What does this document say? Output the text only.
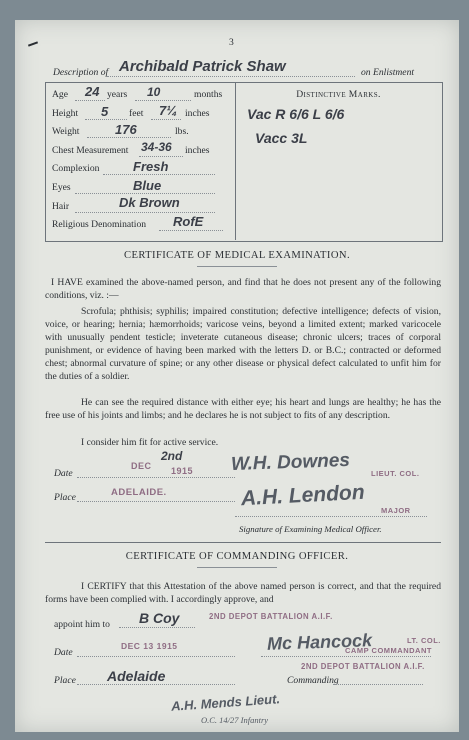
3
Description of Archibald Patrick Shaw	on Enlistment
Age 24 years 10	months
Height 5 feet 7¼ inches
Weight	176	lbs.
Chest Measurement 34-36 inches
Complexion	Fresh
Eyes	Blue
Hair	Dk Brown
Religious Denomination RofE
Distinctive Marks.
Vac R 6/6 L 6/6
Vacc 3L
CERTIFICATE OF MEDICAL EXAMINATION.
I HAVE examined the above-named person, and find that he does not present any of the following conditions, viz. :—
Scrofula; phthisis; syphilis; impaired constitution; defective intelligence; defects of vision, voice, or hearing; hernia; hæmorrhoids; varicose veins, beyond a limited extent; marked varicocele with unusually pendent testicle; inveterate cutaneous disease; chronic ulcers; traces of corporal punishment, or evidence of having been marked with the letters D. or B.C.; contracted or deformed chest; abnormal curvature of spine; or any other disease or physical defect calculated to unfit him for the duties of a soldier.
He can see the required distance with either eye; his heart and lungs are healthy; he has the free use of his joints and limbs; and he declares he is not subject to fits of any description.
I consider him fit for active service.
Date
DEC
2nd
1915
Place	ADELAIDE.
W.H. Downes	LIEUT. COL.
A.H. Lendon
MAJOR
Signature of Examining Medical Officer.
CERTIFICATE OF COMMANDING OFFICER.
I CERTIFY that this Attestation of the above named person is correct, and that the required forms have been complied with. I accordingly approve, and
appoint him to B Coy	2ND DEPOT BATTALION A.I.F.
Date
DEC 13 1915	Mc Hancock	LT. COL.
CAMP COMMANDANT
Place Adelaide
2ND DEPOT BATTALION A.I.F.
Commanding
A.H. Mends Lieut.
O.C. 14/27 Infantry
